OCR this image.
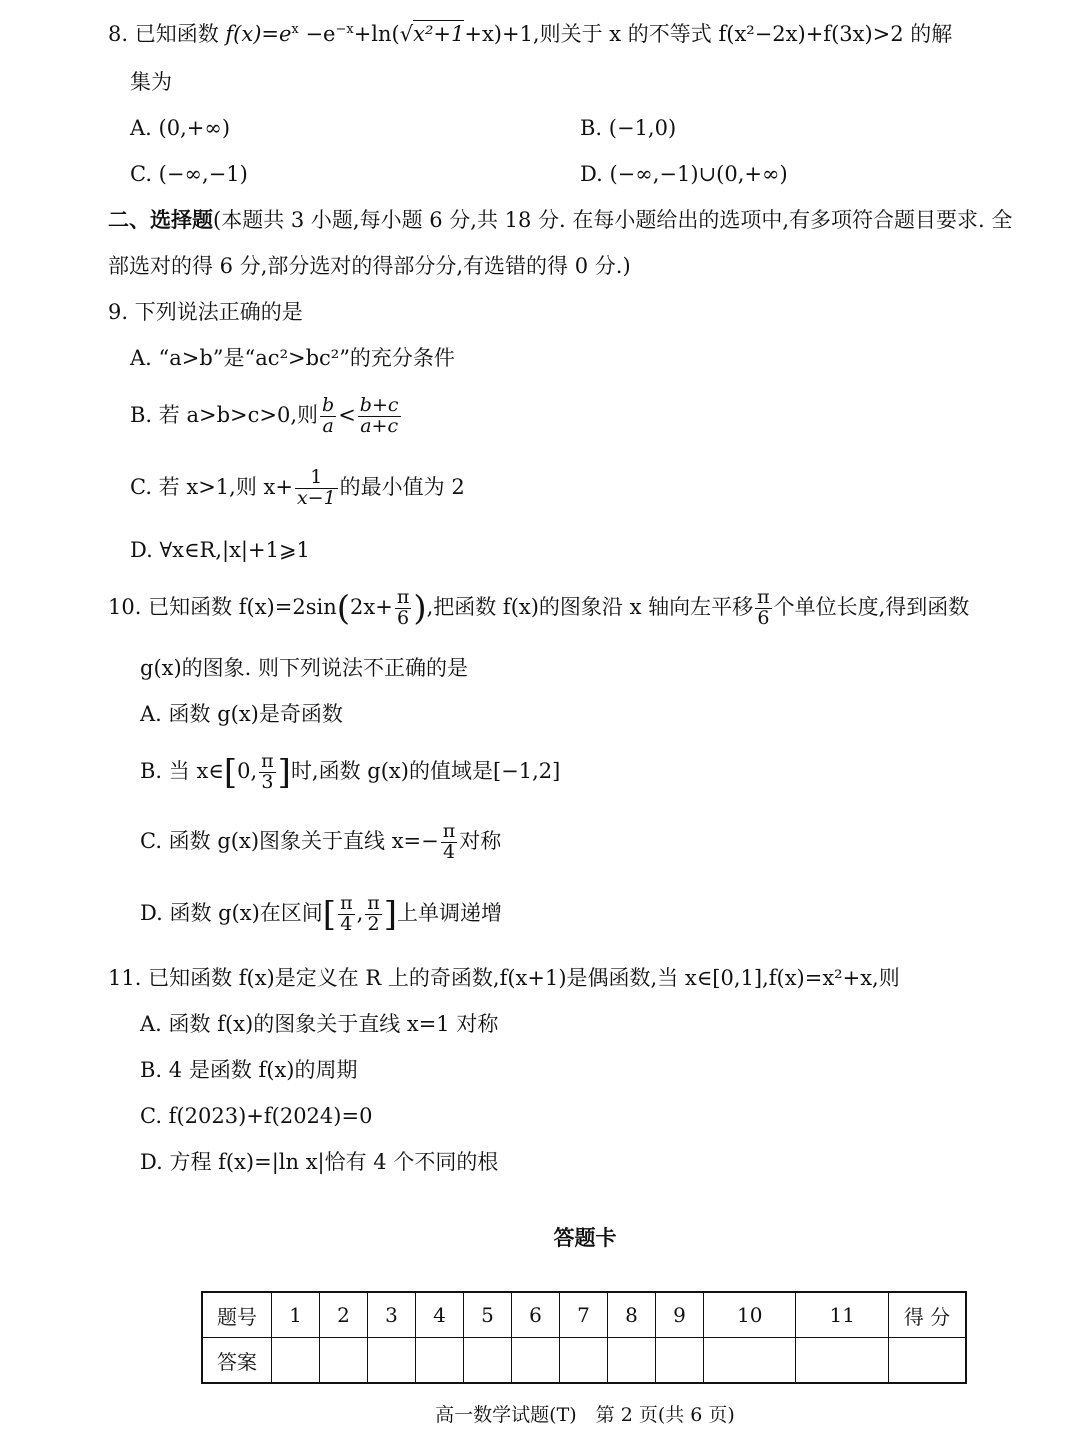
8. 已知函数 $f(x)=e^x -e^{-x}+\ln(√x^2+1+x)+1$,则关于 x 的不等式 f(x²−2x)+f(3x)>2 的解
集为
A. (0,+∞)	B. (−1,0)
C. (−∞,−1)	D. (−∞,−1)∪(0,+∞)
二、选择题(本题共 3 小题,每小题 6 分,共 18 分. 在每小题给出的选项中,有多项符合题目要求. 全
部选对的得 6 分,部分选对的得部分分,有选错的得 0 分.)
9. 下列说法正确的是
A. “a>b”是“ac²>bc²”的充分条件
B. 若 a>b>c>0,则 $\frac{b}{a} < \frac{b+c}{a+c}$
C. 若 x>1,则 $x+ \frac{1}{x-1}$ 的最小值为 2
D. ∀x∈R,|x|+1⩾1
10. 已知函数 $f(x)=2\sin(2x+ \frac{\pi}{6}$ ),把函数 f(x)的图象沿 x 轴向左平移 $\frac{\pi}{6}$ 个单位长度,得到函数
g(x)的图象. 则下列说法不正确的是
A. 函数 g(x)是奇函数
B. 当 x∈[0, $\frac{\pi}{3}$ ]时,函数 g(x)的值域是[−1,2]
C. 函数 g(x)图象关于直线 $x=- \frac{\pi}{4}$ 对称
D. 函数 g(x)在区间[ $\frac{\pi}{4}$ , $\frac{\pi}{2}$ ]上单调递增
11. 已知函数 f(x)是定义在 R 上的奇函数,f(x+1)是偶函数,当 x∈[0,1],f(x)=x²+x,则
A. 函数 f(x)的图象关于直线 x=1 对称
B. 4 是函数 f(x)的周期
C. f(2023)+f(2024)=0
D. 方程 f(x)=|ln x|恰有 4 个不同的根
答题卡
题号	1	2	3	4	5	6	7	8	9	10	11	得 分
答案												
高一数学试题(T)　第 2 页(共 6 页)
